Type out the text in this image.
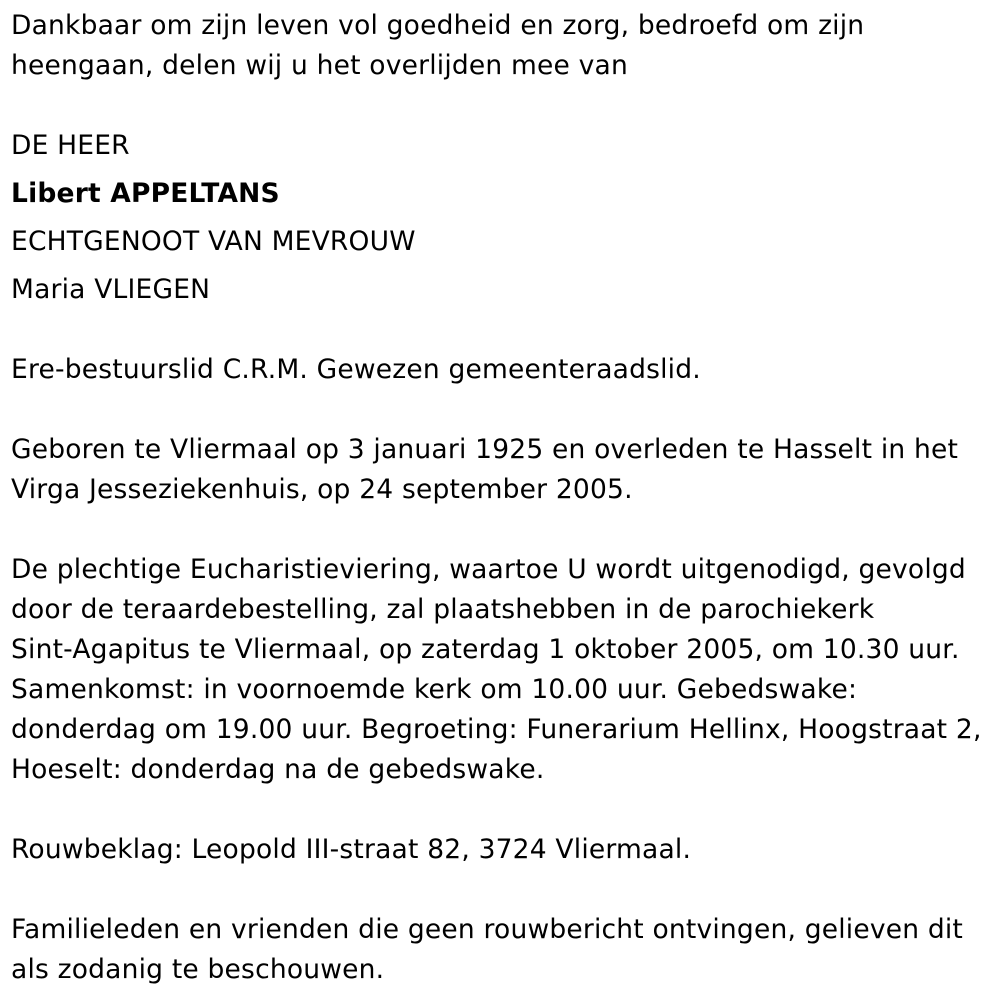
Dankbaar om zijn leven vol goedheid en zorg, bedroefd om zijn

heengaan, delen wij u het overlijden mee van

DE HEER

Libert APPELTANS

ECHTGENOOT VAN MEVROUW

Maria VLIEGEN

Ere-bestuurslid C.R.M. Gewezen gemeenteraadslid.

Geboren te Vliermaal op 3 januari 1925 en overleden te Hasselt in het

Virga Jesseziekenhuis, op 24 september 2005.

De plechtige Eucharistieviering, waartoe U wordt uitgenodigd, gevolgd

door de teraardebestelling, zal plaatshebben in de parochiekerk

Sint-Agapitus te Vliermaal, op zaterdag 1 oktober 2005, om 10.30 uur.

Samenkomst: in voornoemde kerk om 10.00 uur. Gebedswake:

donderdag om 19.00 uur. Begroeting: Funerarium Hellinx, Hoogstraat 2,

Hoeselt: donderdag na de gebedswake.

Rouwbeklag: Leopold III-straat 82, 3724 Vliermaal.

Familieleden en vrienden die geen rouwbericht ontvingen, gelieven dit

als zodanig te beschouwen.
